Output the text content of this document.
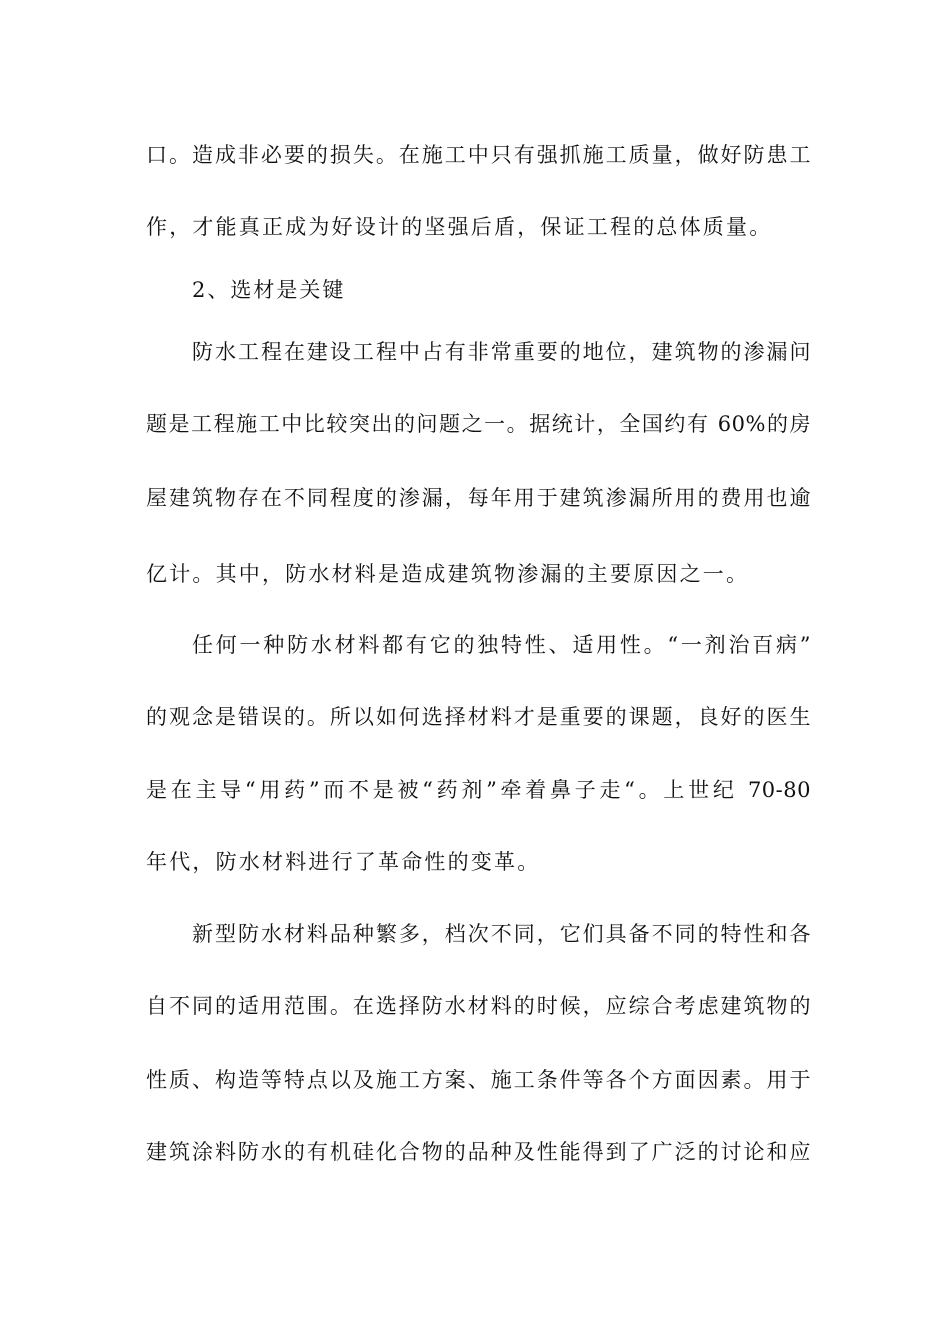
口。造成非必要的损失。在施工中只有强抓施工质量，做好防患工
作，才能真正成为好设计的坚强后盾，保证工程的总体质量。
2、选材是关键
防水工程在建设工程中占有非常重要的地位，建筑物的渗漏问
题是工程施工中比较突出的问题之一。据统计，全国约有 60%的房
屋建筑物存在不同程度的渗漏，每年用于建筑渗漏所用的费用也逾
亿计。其中，防水材料是造成建筑物渗漏的主要原因之一。
任何一种防水材料都有它的独特性、适用性。“一剂治百病”
的观念是错误的。所以如何选择材料才是重要的课题，良好的医生
是在主导“用药”而不是被“药剂”牵着鼻子走“。上世纪 70-80
年代，防水材料进行了革命性的变革。
新型防水材料品种繁多，档次不同，它们具备不同的特性和各
自不同的适用范围。在选择防水材料的时候，应综合考虑建筑物的
性质、构造等特点以及施工方案、施工条件等各个方面因素。用于
建筑涂料防水的有机硅化合物的品种及性能得到了广泛的讨论和应
